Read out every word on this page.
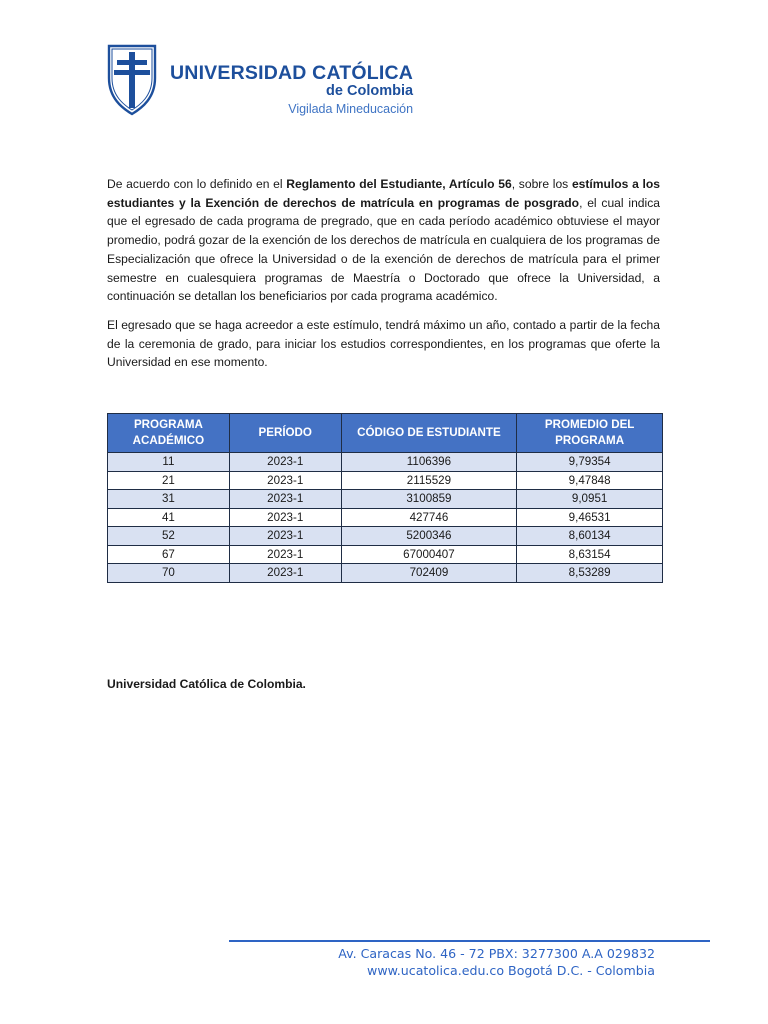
UNIVERSIDAD CATÓLICA
de Colombia
Vigilada Mineducación

De acuerdo con lo definido en el Reglamento del Estudiante, Artículo 56, sobre los estímulos a los estudiantes y la Exención de derechos de matrícula en programas de posgrado, el cual indica que el egresado de cada programa de pregrado, que en cada período académico obtuviese el mayor promedio, podrá gozar de la exención de los derechos de matrícula en cualquiera de los programas de Especialización que ofrece la Universidad o de la exención de derechos de matrícula para el primer semestre en cualesquiera programas de Maestría o Doctorado que ofrece la Universidad, a continuación se detallan los beneficiarios por cada programa académico.

El egresado que se haga acreedor a este estímulo, tendrá máximo un año, contado a partir de la fecha de la ceremonia de grado, para iniciar los estudios correspondientes, en los programas que oferte la Universidad en ese momento.

PROGRAMA ACADÉMICO	PERÍODO	CÓDIGO DE ESTUDIANTE	PROMEDIO DEL PROGRAMA
11	2023-1	1106396	9,79354
21	2023-1	2115529	9,47848
31	2023-1	3100859	9,0951
41	2023-1	427746	9,46531
52	2023-1	5200346	8,60134
67	2023-1	67000407	8,63154
70	2023-1	702409	8,53289
Universidad Católica de Colombia.
Av. Caracas No. 46 - 72 PBX: 3277300 A.A 029832
www.ucatolica.edu.co Bogotá D.C. - Colombia
